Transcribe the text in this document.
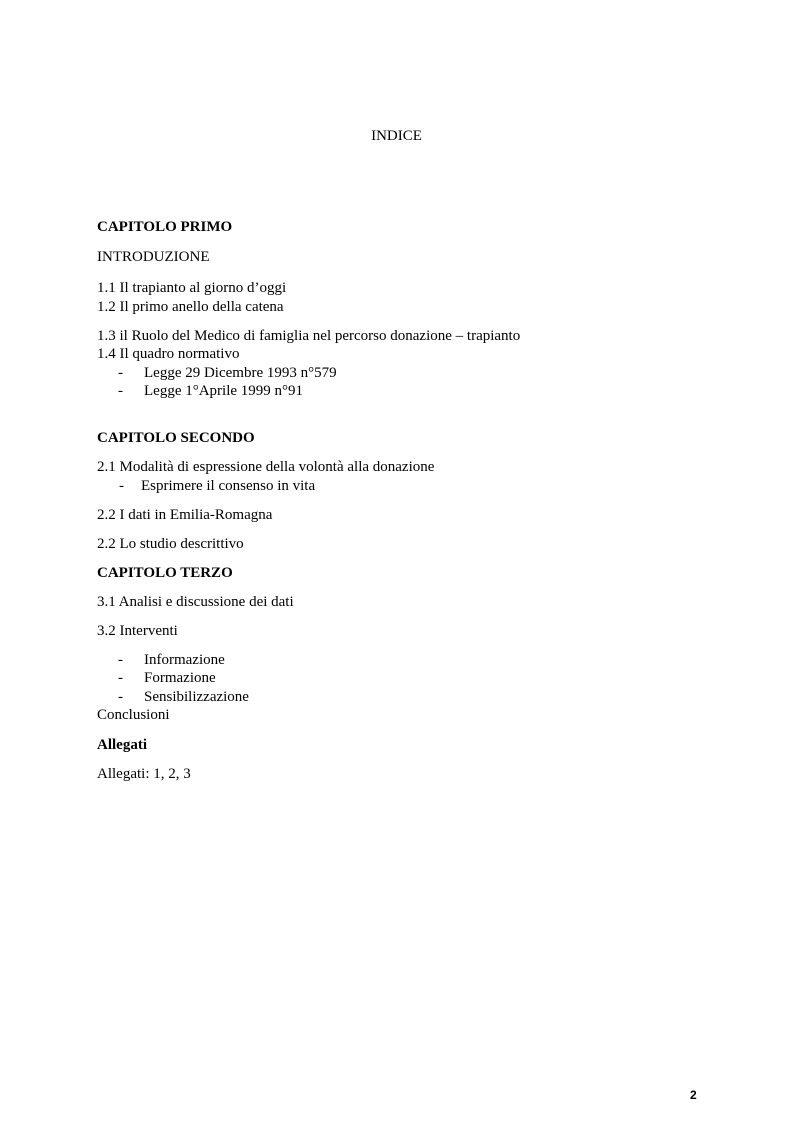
INDICE
CAPITOLO PRIMO
INTRODUZIONE
1.1 Il trapianto al giorno d’oggi
1.2 Il primo anello della catena
1.3 il Ruolo del Medico di famiglia nel percorso donazione – trapianto
1.4 Il quadro normativo
- Legge 29 Dicembre 1993 n°579
- Legge 1°Aprile 1999 n°91
CAPITOLO SECONDO
2.1 Modalità di espressione della volontà alla donazione
- Esprimere il consenso in vita
2.2 I dati in Emilia-Romagna
2.2 Lo studio descrittivo
CAPITOLO TERZO
3.1 Analisi e discussione dei dati
3.2 Interventi
- Informazione
- Formazione
- Sensibilizzazione
Conclusioni
Allegati
Allegati: 1, 2, 3
2
